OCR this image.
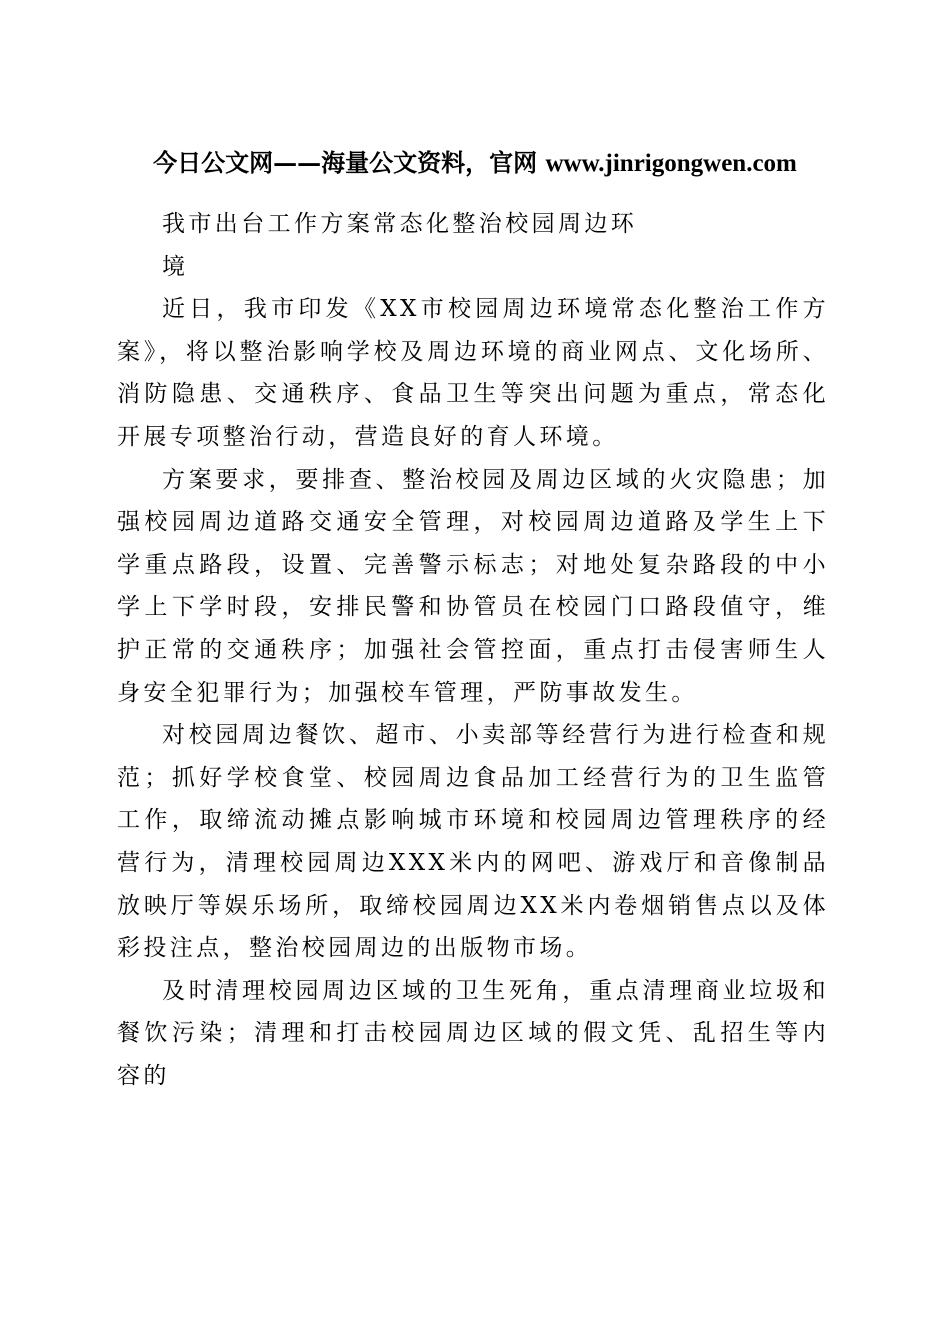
今日公文网——海量公文资料，官网 www.jinrigongwen.com
我市出台工作方案常态化整治校园周边环
境

近日，我市印发《XX市校园周边环境常态化整治工作方案》，将以整治影响学校及周边环境的商业网点、文化场所、消防隐患、交通秩序、食品卫生等突出问题为重点，常态化开展专项整治行动，营造良好的育人环境。

方案要求，要排查、整治校园及周边区域的火灾隐患；加强校园周边道路交通安全管理，对校园周边道路及学生上下学重点路段，设置、完善警示标志；对地处复杂路段的中小学上下学时段，安排民警和协管员在校园门口路段值守，维护正常的交通秩序；加强社会管控面，重点打击侵害师生人身安全犯罪行为；加强校车管理，严防事故发生。

对校园周边餐饮、超市、小卖部等经营行为进行检查和规范；抓好学校食堂、校园周边食品加工经营行为的卫生监管工作，取缔流动摊点影响城市环境和校园周边管理秩序的经营行为，清理校园周边XXX米内的网吧、游戏厅和音像制品放映厅等娱乐场所，取缔校园周边XX米内卷烟销售点以及体彩投注点，整治校园周边的出版物市场。

及时清理校园周边区域的卫生死角，重点清理商业垃圾和餐饮污染；清理和打击校园周边区域的假文凭、乱招生等内容的
